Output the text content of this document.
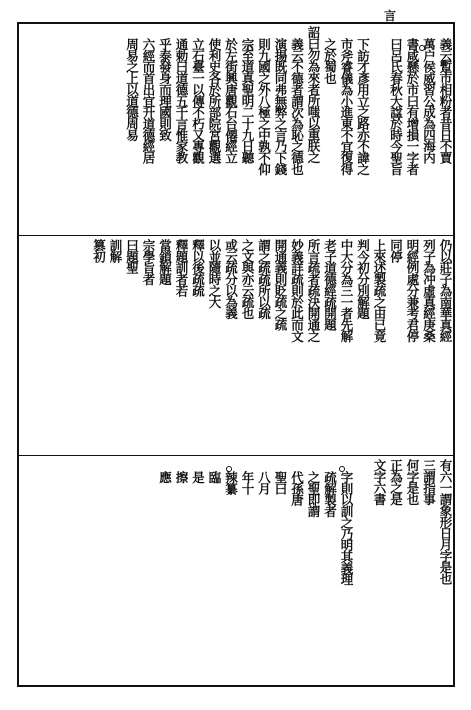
言
義云蹔市相粉者昔日不賈
萬户侯威習公成為四海内
書咸懸於市曰有增損一字者
曰呂氏春秋大諡於時今聖旨
下訪才彥用立之路亦不諱之
市斧睿儀為小進東不宜復得
之於蜀也
詔曰勿為來者所嗤以重朕之
義云不德者謂次為恥之德也
演揚既同弗無弊之言乃下錢
則九國之外八極之中孰不仰
宗至道真聖明二十九日聽
於左街興唐觀石台僊經立
使利史各於所部院宮觀選
立石臺一以傳不朽又專觀
通勅曰道德五千言惟家教
乎泰發身而理國則致
六經而首出宜升道德經居
周易之上以道德周易
仍以莊子為南華真經
列子為冲虛真經庚桑
明經例處分兼考君停
同停
上來述製疏之由已竟
判今初分別解題
中大分為三一者先解
老子道德經疏開題
所言疏者疏決開通之
妙義詳疏則於此而文
開通義則貶疏之疏
謂之疏疏所以疏
之文與亦云疏也
或云疏分以為義
以並隨時之大
釋以後疏疏
釋題訓者若
當鎖解題
宗學旨者
曰題聖
訓解
篡初
有六一謂象形日月字是也
三謂指事
何字是也
正為之是
文字六書
字則以訓之乃明其義理
疏解製者
之聖即謂
代孫唐
聖曰
八月
年十
辣纂
臨
是
擦
應
